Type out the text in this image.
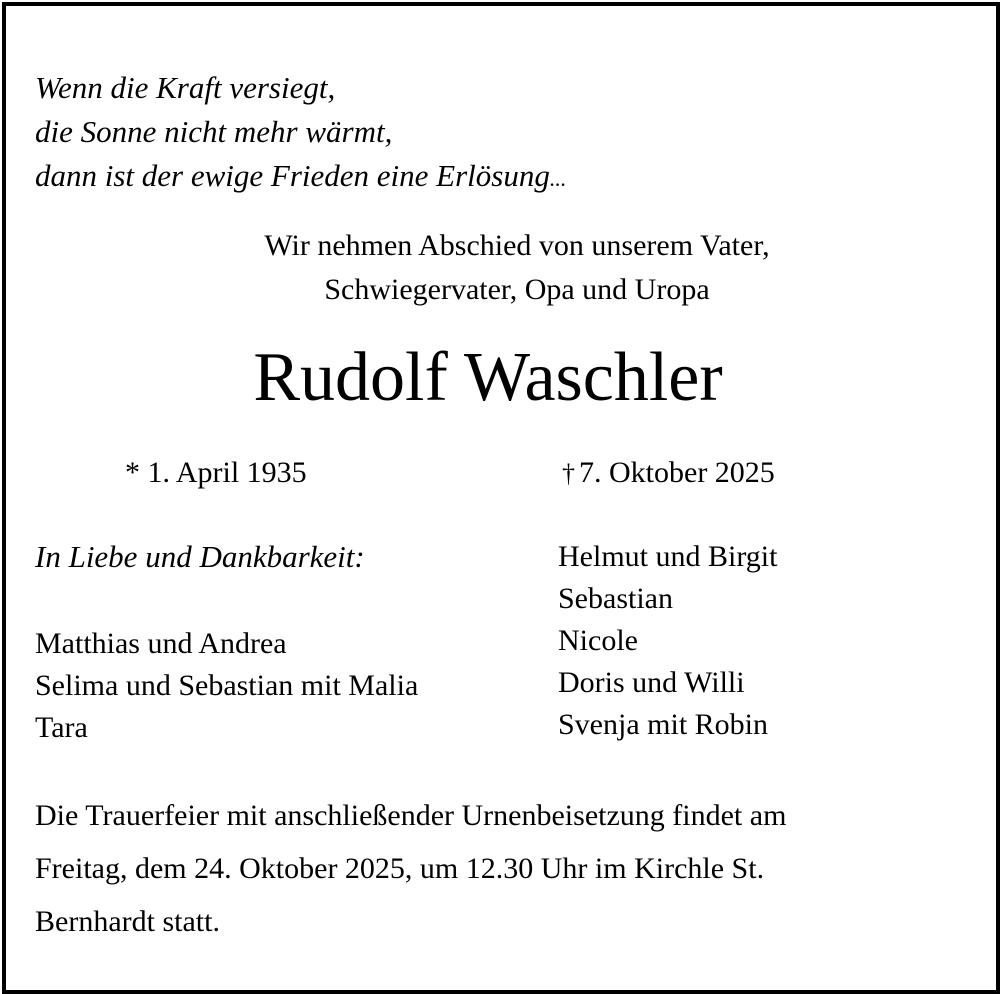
Wenn die Kraft versiegt,
die Sonne nicht mehr wärmt,
dann ist der ewige Frieden eine Erlösung...
Wir nehmen Abschied von unserem Vater,
Schwiegervater, Opa und Uropa
Rudolf Waschler
* 1. April 1935	† 7. Oktober 2025
In Liebe und Dankbarkeit:
Matthias und Andrea
Selima und Sebastian mit Malia
Tara
Helmut und Birgit
Sebastian
Nicole
Doris und Willi
Svenja mit Robin
Die Trauerfeier mit anschließender Urnenbeisetzung findet am
Freitag, dem 24. Oktober 2025, um 12.30 Uhr im Kirchle St.
Bernhardt statt.
